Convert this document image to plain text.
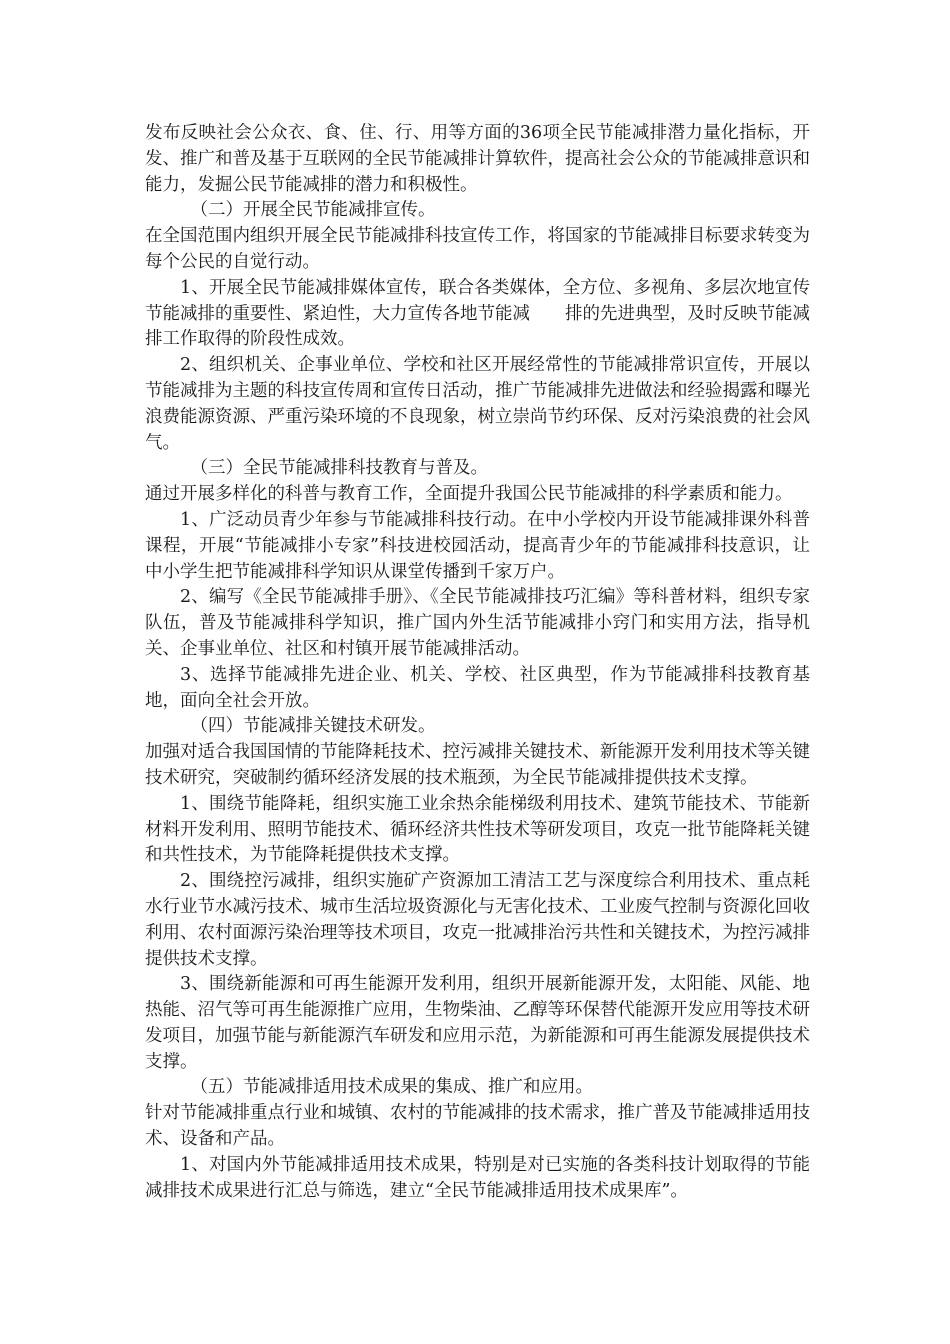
发布反映社会公众衣、食、住、行、用等方面的36项全民节能减排潜力量化指标，开发、推广和普及基于互联网的全民节能减排计算软件，提高社会公众的节能减排意识和能力，发掘公民节能减排的潜力和积极性。

（二）开展全民节能减排宣传。

在全国范围内组织开展全民节能减排科技宣传工作，将国家的节能减排目标要求转变为每个公民的自觉行动。

1、开展全民节能减排媒体宣传，联合各类媒体，全方位、多视角、多层次地宣传节能减排的重要性、紧迫性，大力宣传各地节能减　　排的先进典型，及时反映节能减排工作取得的阶段性成效。

2、组织机关、企事业单位、学校和社区开展经常性的节能减排常识宣传，开展以节能减排为主题的科技宣传周和宣传日活动，推广节能减排先进做法和经验揭露和曝光浪费能源资源、严重污染环境的不良现象，树立崇尚节约环保、反对污染浪费的社会风气。

（三）全民节能减排科技教育与普及。

通过开展多样化的科普与教育工作，全面提升我国公民节能减排的科学素质和能力。

1、广泛动员青少年参与节能减排科技行动。在中小学校内开设节能减排课外科普课程，开展“节能减排小专家”科技进校园活动，提高青少年的节能减排科技意识，让中小学生把节能减排科学知识从课堂传播到千家万户。

2、编写《全民节能减排手册》、《全民节能减排技巧汇编》等科普材料，组织专家队伍，普及节能减排科学知识，推广国内外生活节能减排小窍门和实用方法，指导机关、企事业单位、社区和村镇开展节能减排活动。

3、选择节能减排先进企业、机关、学校、社区典型，作为节能减排科技教育基地，面向全社会开放。

（四）节能减排关键技术研发。

加强对适合我国国情的节能降耗技术、控污减排关键技术、新能源开发利用技术等关键技术研究，突破制约循环经济发展的技术瓶颈，为全民节能减排提供技术支撑。

1、围绕节能降耗，组织实施工业余热余能梯级利用技术、建筑节能技术、节能新材料开发利用、照明节能技术、循环经济共性技术等研发项目，攻克一批节能降耗关键和共性技术，为节能降耗提供技术支撑。

2、围绕控污减排，组织实施矿产资源加工清洁工艺与深度综合利用技术、重点耗水行业节水减污技术、城市生活垃圾资源化与无害化技术、工业废气控制与资源化回收利用、农村面源污染治理等技术项目，攻克一批减排治污共性和关键技术，为控污减排提供技术支撑。

3、围绕新能源和可再生能源开发利用，组织开展新能源开发，太阳能、风能、地热能、沼气等可再生能源推广应用，生物柴油、乙醇等环保替代能源开发应用等技术研发项目，加强节能与新能源汽车研发和应用示范，为新能源和可再生能源发展提供技术支撑。

（五）节能减排适用技术成果的集成、推广和应用。

针对节能减排重点行业和城镇、农村的节能减排的技术需求，推广普及节能减排适用技术、设备和产品。

1、对国内外节能减排适用技术成果，特别是对已实施的各类科技计划取得的节能减排技术成果进行汇总与筛选，建立“全民节能减排适用技术成果库”。
